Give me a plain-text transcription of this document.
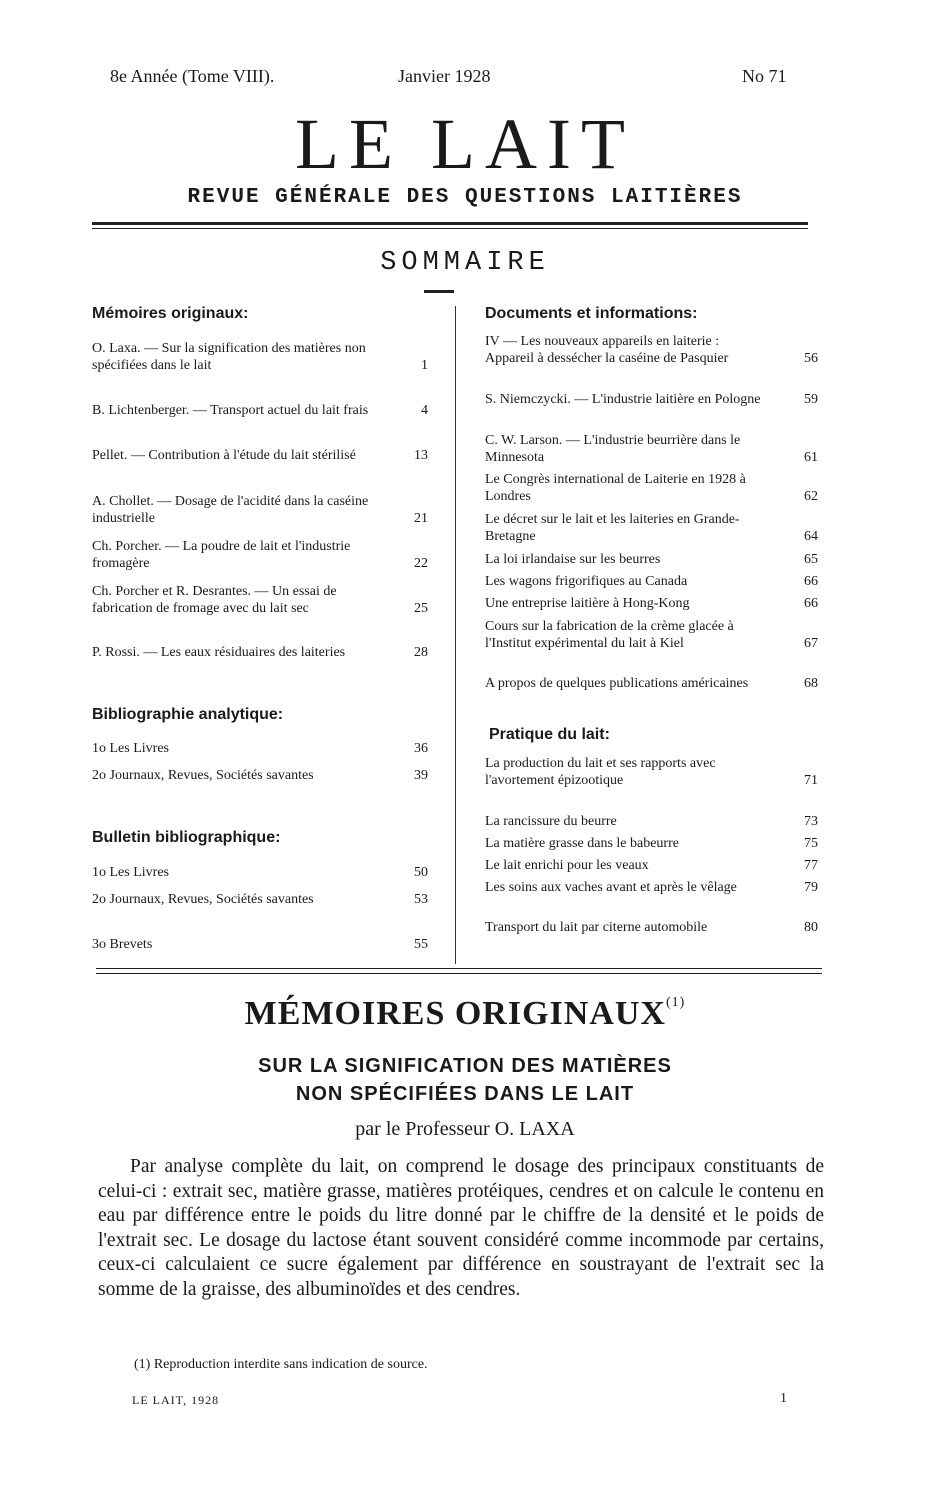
8e Année (Tome VIII).	Janvier 1928	No 71
LE LAIT
REVUE GÉNÉRALE DES QUESTIONS LAITIÈRES
SOMMAIRE
Mémoires originaux:
O. Laxa. — Sur la signification des matières non spécifiées dans le lait	1
B. Lichtenberger. — Transport actuel du lait frais	4
Pellet. — Contribution à l'étude du lait stérilisé	13
A. Chollet. — Dosage de l'acidité dans la caséine industrielle	21
Ch. Porcher. — La poudre de lait et l'industrie fromagère	22
Ch. Porcher et R. Desrantes. — Un essai de fabrication de fromage avec du lait sec	25
P. Rossi. — Les eaux résiduaires des laiteries	28
Bibliographie analytique:
1o Les Livres	36
2o Journaux, Revues, Sociétés savantes	39
Bulletin bibliographique:
1o Les Livres	50
2o Journaux, Revues, Sociétés savantes	53
3o Brevets	55
Documents et informations:
IV — Les nouveaux appareils en laiterie : Appareil à dessécher la caséine de Pasquier	56
S. Niemczycki. — L'industrie laitière en Pologne	59
C. W. Larson. — L'industrie beurrière dans le Minnesota	61
Le Congrès international de Laiterie en 1928 à Londres	62
Le décret sur le lait et les laiteries en Grande-Bretagne	64
La loi irlandaise sur les beurres	65
Les wagons frigorifiques au Canada	66
Une entreprise laitière à Hong-Kong	66
Cours sur la fabrication de la crème glacée à l'Institut expérimental du lait à Kiel	67
A propos de quelques publications américaines	68
Pratique du lait:
La production du lait et ses rapports avec l'avortement épizootique	71
La rancissure du beurre	73
La matière grasse dans le babeurre	75
Le lait enrichi pour les veaux	77
Les soins aux vaches avant et après le vêlage	79
Transport du lait par citerne automobile	80
MÉMOIRES ORIGINAUX$^{(1)}$
SUR LA SIGNIFICATION DES MATIÈRES
NON SPÉCIFIÉES DANS LE LAIT
par le Professeur O. LAXA

Par analyse complète du lait, on comprend le dosage des principaux constituants de celui-ci : extrait sec, matière grasse, matières protéiques, cendres et on calcule le contenu en eau par différence entre le poids du litre donné par le chiffre de la densité et le poids de l'extrait sec. Le dosage du lactose étant souvent considéré comme incommode par certains, ceux-ci calculaient ce sucre également par différence en soustrayant de l'extrait sec la somme de la graisse, des albuminoïdes et des cendres.

(1) Reproduction interdite sans indication de source.
LE LAIT, 1928	1
